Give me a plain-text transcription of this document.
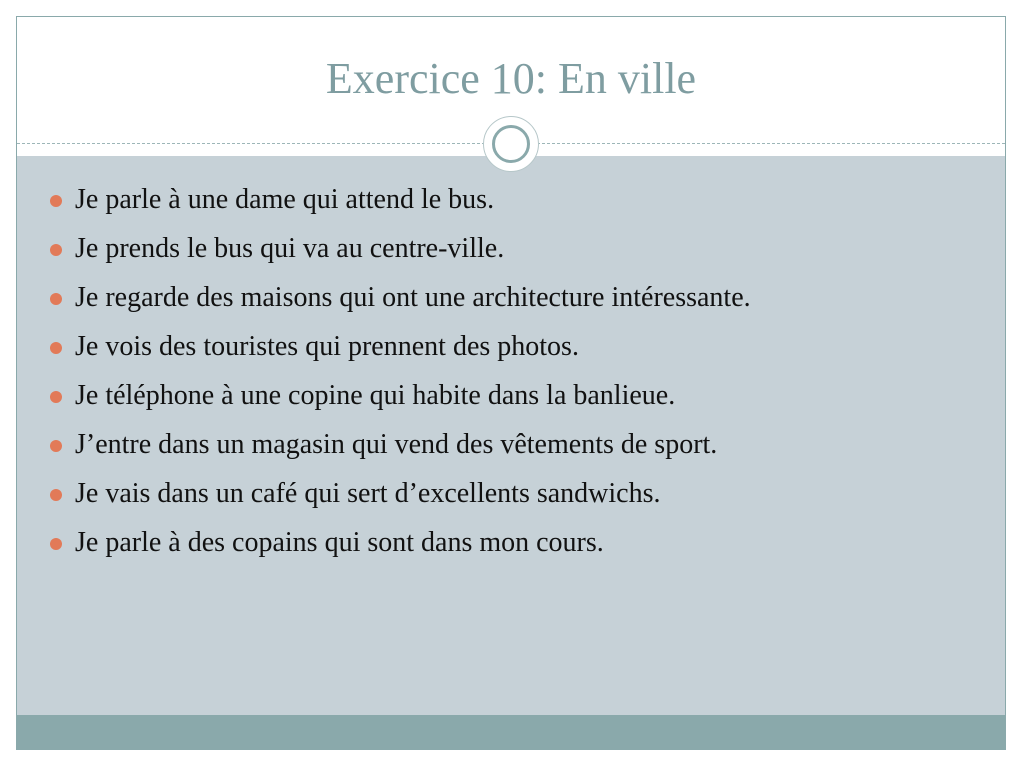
Exercice 10: En ville
Je parle à une dame qui attend le bus.
Je prends le bus qui va au centre-ville.
Je regarde des maisons qui ont une architecture intéressante.
Je vois des touristes qui prennent des photos.
Je téléphone à une copine qui habite dans la banlieue.
J’entre dans un magasin qui vend des vêtements de sport.
Je vais dans un café qui sert d’excellents sandwichs.
Je parle à des copains qui sont dans mon cours.
